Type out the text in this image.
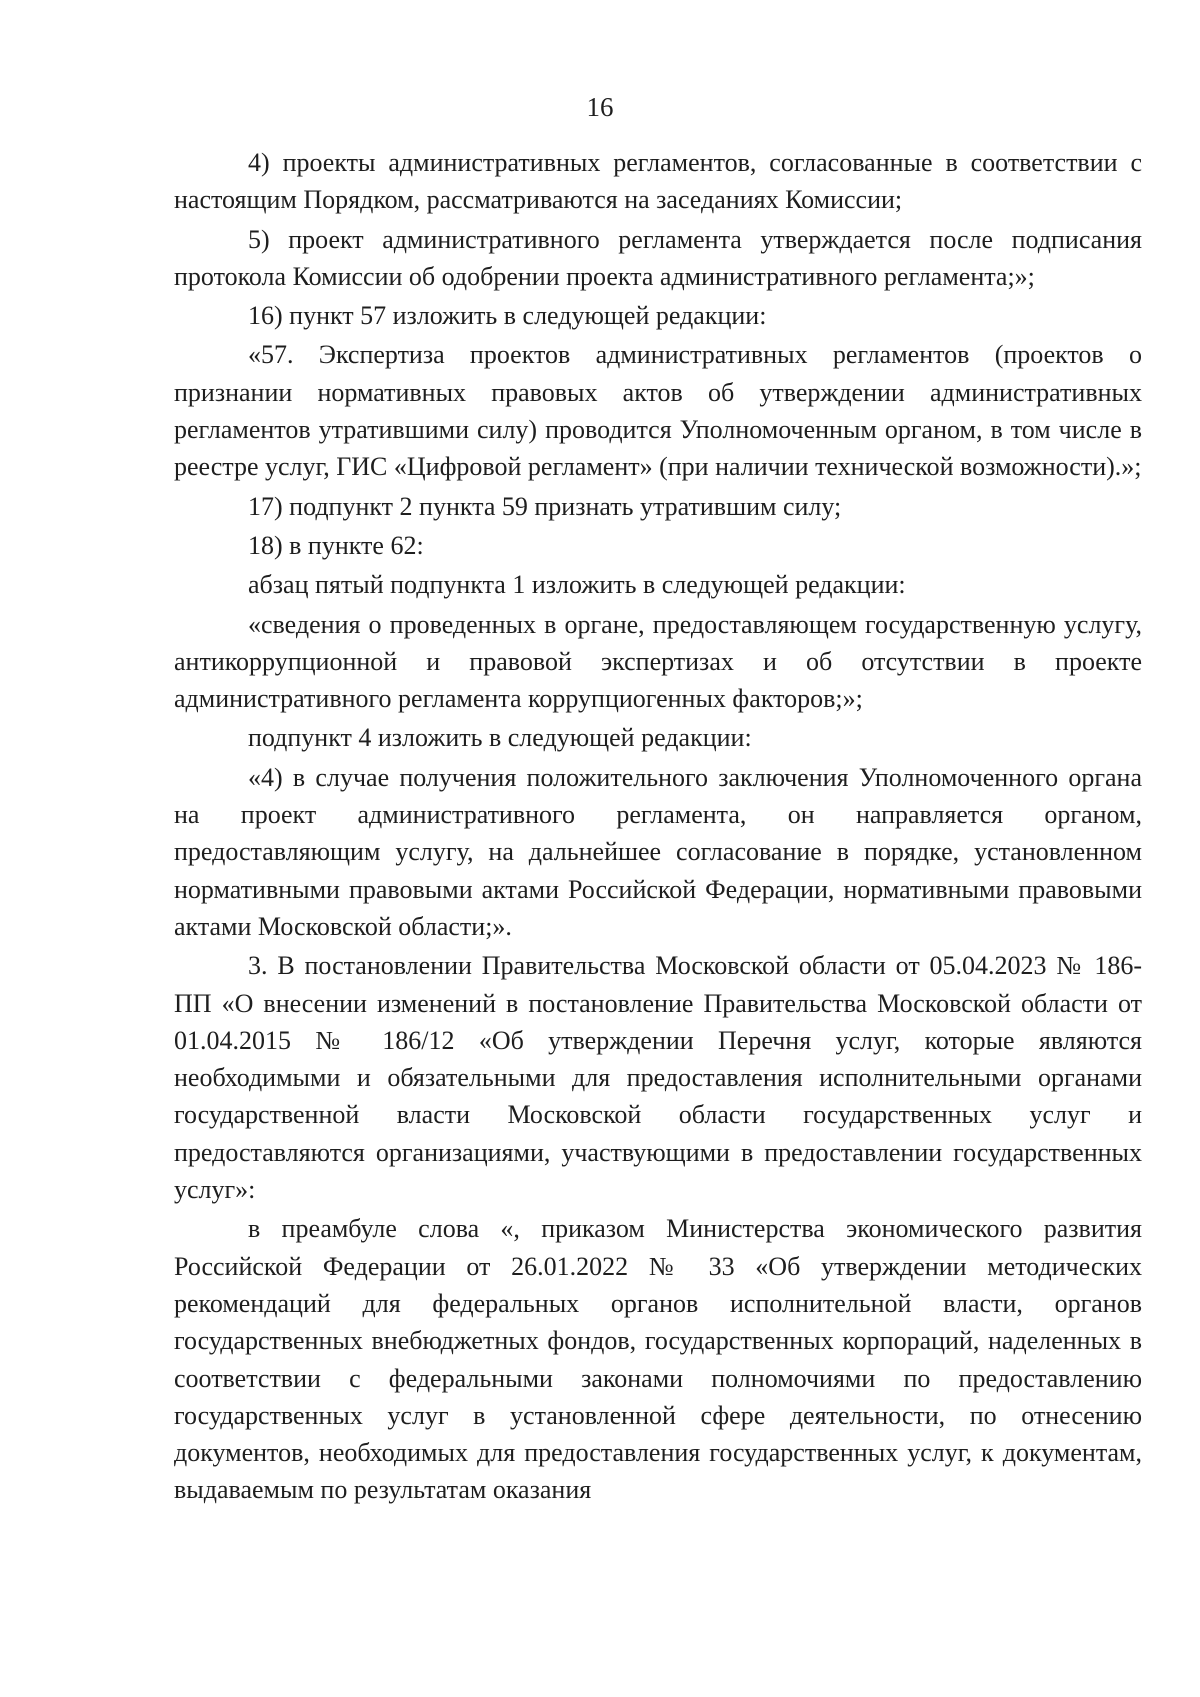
16

4) проекты административных регламентов, согласованные в соответствии с настоящим Порядком, рассматриваются на заседаниях Комиссии;

5) проект административного регламента утверждается после подписания протокола Комиссии об одобрении проекта административного регламента;»;

16) пункт 57 изложить в следующей редакции:

«57. Экспертиза проектов административных регламентов (проектов о признании нормативных правовых актов об утверждении административных регламентов утратившими силу) проводится Уполномоченным органом, в том числе в реестре услуг, ГИС «Цифровой регламент» (при наличии технической возможности).»;

17) подпункт 2 пункта 59 признать утратившим силу;

18) в пункте 62:

абзац пятый подпункта 1 изложить в следующей редакции:

«сведения о проведенных в органе, предоставляющем государственную услугу, антикоррупционной и правовой экспертизах и об отсутствии в проекте административного регламента коррупциогенных факторов;»;

подпункт 4 изложить в следующей редакции:

«4) в случае получения положительного заключения Уполномоченного органа на проект административного регламента, он направляется органом, предоставляющим услугу, на дальнейшее согласование в порядке, установленном нормативными правовыми актами Российской Федерации, нормативными правовыми актами Московской области;».

3. В постановлении Правительства Московской области от 05.04.2023 № 186-ПП «О внесении изменений в постановление Правительства Московской области от 01.04.2015 № 186/12 «Об утверждении Перечня услуг, которые являются необходимыми и обязательными для предоставления исполнительными органами государственной власти Московской области государственных услуг и предоставляются организациями, участвующими в предоставлении государственных услуг»:

в преамбуле слова «, приказом Министерства экономического развития Российской Федерации от 26.01.2022 № 33 «Об утверждении методических рекомендаций для федеральных органов исполнительной власти, органов государственных внебюджетных фондов, государственных корпораций, наделенных в соответствии с федеральными законами полномочиями по предоставлению государственных услуг в установленной сфере деятельности, по отнесению документов, необходимых для предоставления государственных услуг, к документам, выдаваемым по результатам оказания
